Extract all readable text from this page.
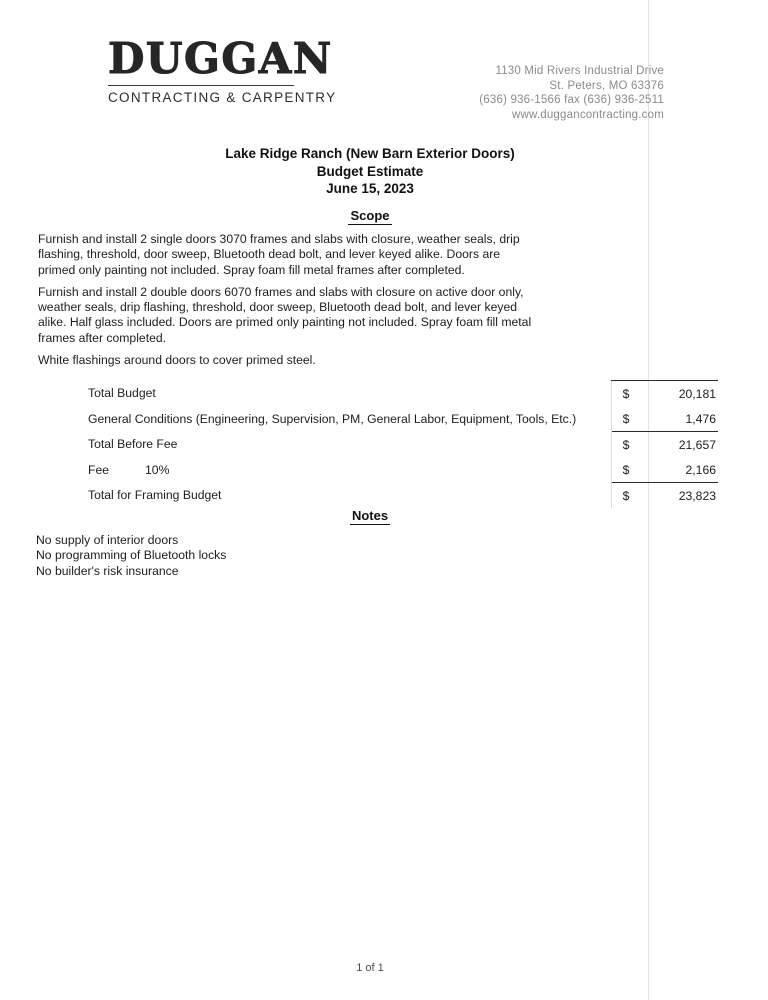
DUGGAN
CONTRACTING & CARPENTRY
1130 Mid Rivers Industrial Drive
St. Peters, MO 63376
(636) 936-1566 fax (636) 936-2511
www.duggancontracting.com
Lake Ridge Ranch (New Barn Exterior Doors)
Budget Estimate
June 15, 2023
Scope

Furnish and install 2 single doors 3070 frames and slabs with closure, weather seals, drip flashing, threshold, door sweep, Bluetooth dead bolt, and lever keyed alike. Doors are primed only painting not included. Spray foam fill metal frames after completed.

Furnish and install 2 double doors 6070 frames and slabs with closure on active door only, weather seals, drip flashing, threshold, door sweep, Bluetooth dead bolt, and lever keyed alike. Half glass included. Doors are primed only painting not included. Spray foam fill metal frames after completed.

White flashings around doors to cover primed steel.

Total Budget	$	20,181
General Conditions (Engineering, Supervision, PM, General Labor, Equipment, Tools, Etc.)	$	1,476
Total Before Fee	$	21,657
Fee 10%	$	2,166
Total for Framing Budget	$	23,823
Notes
No supply of interior doors
No programming of Bluetooth locks
No builder's risk insurance
1 of 1
